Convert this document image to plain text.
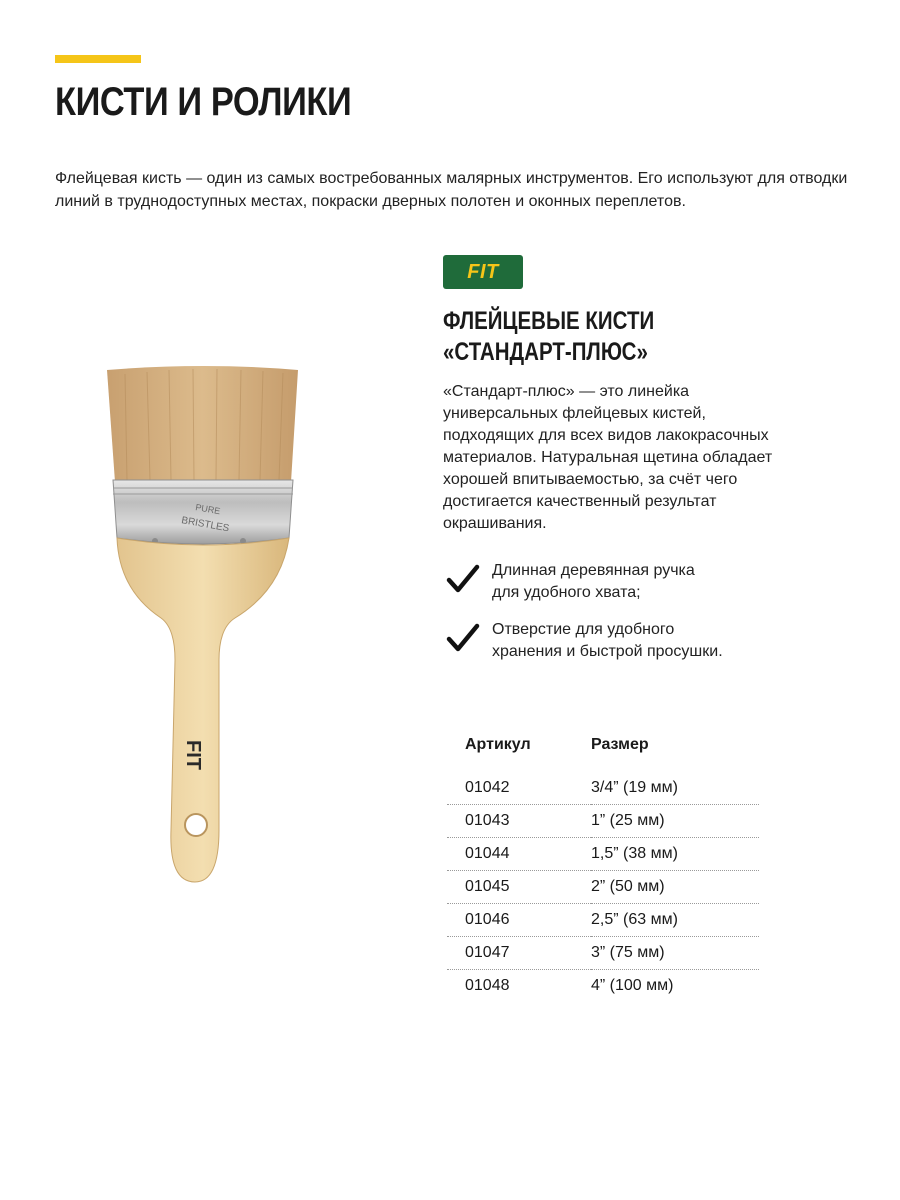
КИСТИ И РОЛИКИ

Флейцевая кисть — один из самых востребованных малярных инструментов. Его используют для отводки линий в труднодоступных местах, покраски дверных полотен и оконных переплетов.

PURE
BRISTLES
FIT
FIT
ФЛЕЙЦЕВЫЕ КИСТИ
«СТАНДАРТ-ПЛЮС»

«Стандарт-плюс» — это линейка
универсальных флейцевых кистей,
подходящих для всех видов лакокрасочных
материалов. Натуральная щетина обладает
хорошей впитываемостью, за счёт чего
достигается качественный результат
окрашивания.

Длинная деревянная ручка
для удобного хвата;
Отверстие для удобного
хранения и быстрой просушки.
Артикул	Размер

01042	3/4” (19 мм)
01043	1” (25 мм)
01044	1,5” (38 мм)
01045	2” (50 мм)
01046	2,5” (63 мм)
01047	3” (75 мм)
01048	4” (100 мм)
